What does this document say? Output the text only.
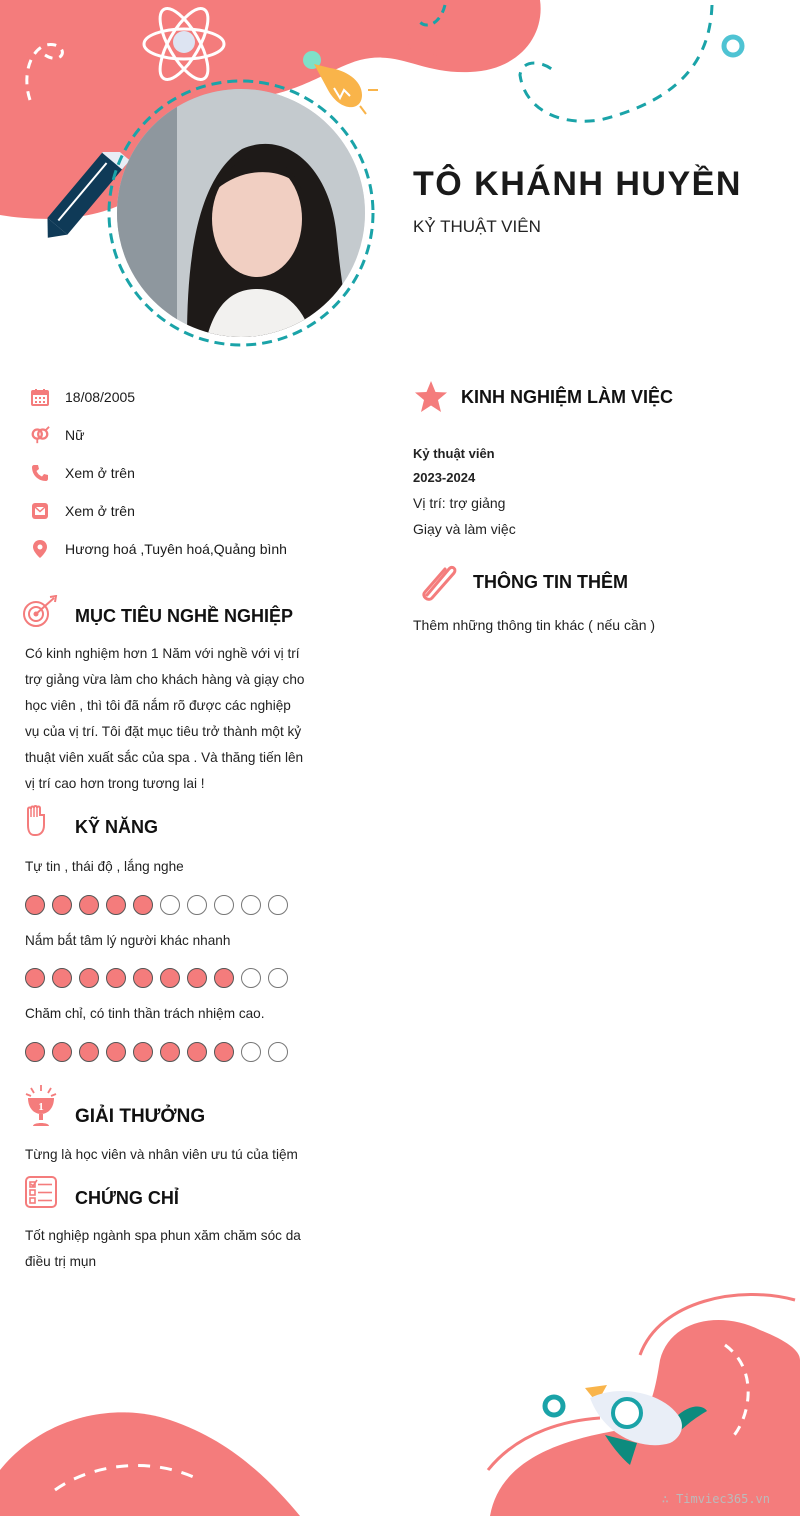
TÔ KHÁNH HUYỀN
KỶ THUẬT VIÊN
18/08/2005
Nữ
Xem ở trên
Xem ở trên
Hương hoá ,Tuyên hoá,Quảng bình
MỤC TIÊU NGHỀ NGHIỆP
Có kinh nghiệm hơn 1 Năm với nghề với vị trí
trợ giảng vừa làm cho khách hàng và giạy cho
học viên , thì tôi đã nắm rõ được các nghiệp
vụ của vị trí. Tôi đặt mục tiêu trở thành một kỷ
thuật viên xuất sắc của spa . Và thăng tiến lên
vị trí cao hơn trong tương lai !
KỸ NĂNG
Tự tin , thái độ , lắng nghe
Nắm bắt tâm lý người khác nhanh
Chăm chỉ, có tinh thần trách nhiệm cao.
1 GIẢI THƯỞNG
Từng là học viên và nhân viên ưu tú của tiệm
CHỨNG CHỈ
Tốt nghiệp ngành spa phun xăm chăm sóc da
điều trị mụn
KINH NGHIỆM LÀM VIỆC
Kỷ thuật viên
2023-2024
Vị trí: trợ giảng
Giạy và làm việc
THÔNG TIN THÊM
Thêm những thông tin khác ( nếu cần )
∴ Timviec365.vn
